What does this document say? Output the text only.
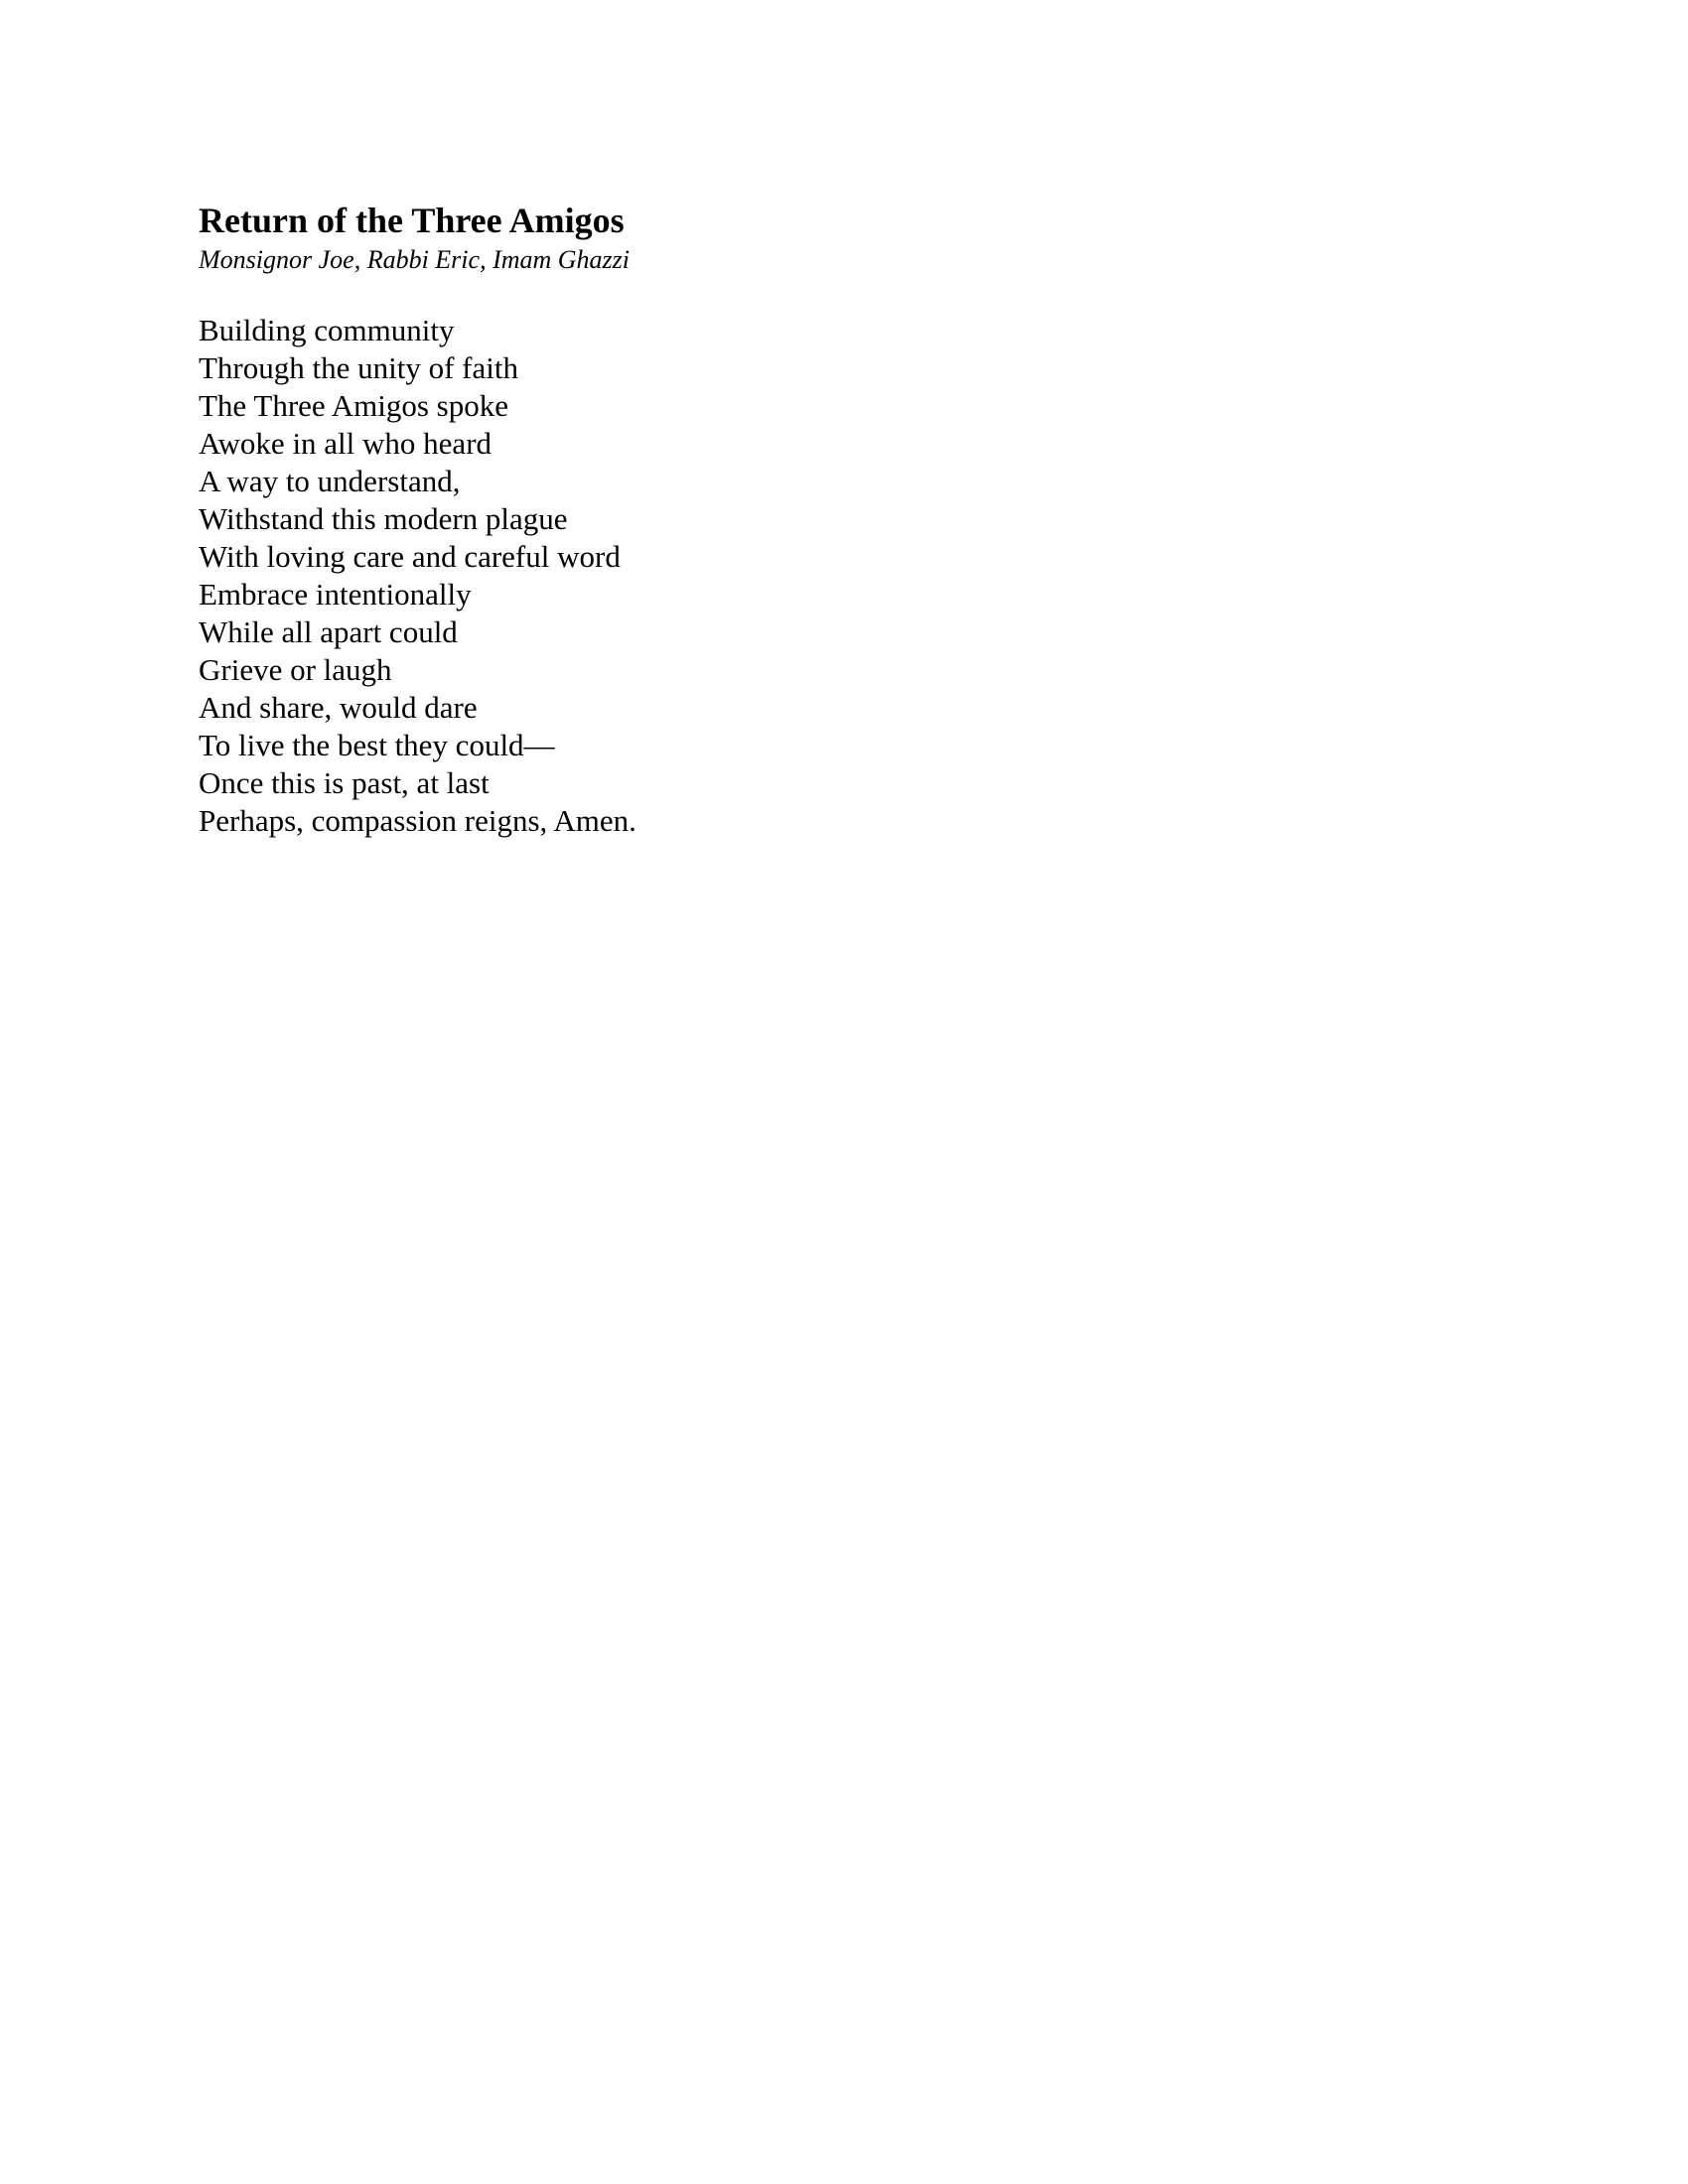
Return of the Three Amigos

Monsignor Joe, Rabbi Eric, Imam Ghazzi

Building community
Through the unity of faith
The Three Amigos spoke
Awoke in all who heard
A way to understand,
Withstand this modern plague
With loving care and careful word
Embrace intentionally
While all apart could
Grieve or laugh
And share, would dare
To live the best they could—
Once this is past, at last
Perhaps, compassion reigns, Amen.
